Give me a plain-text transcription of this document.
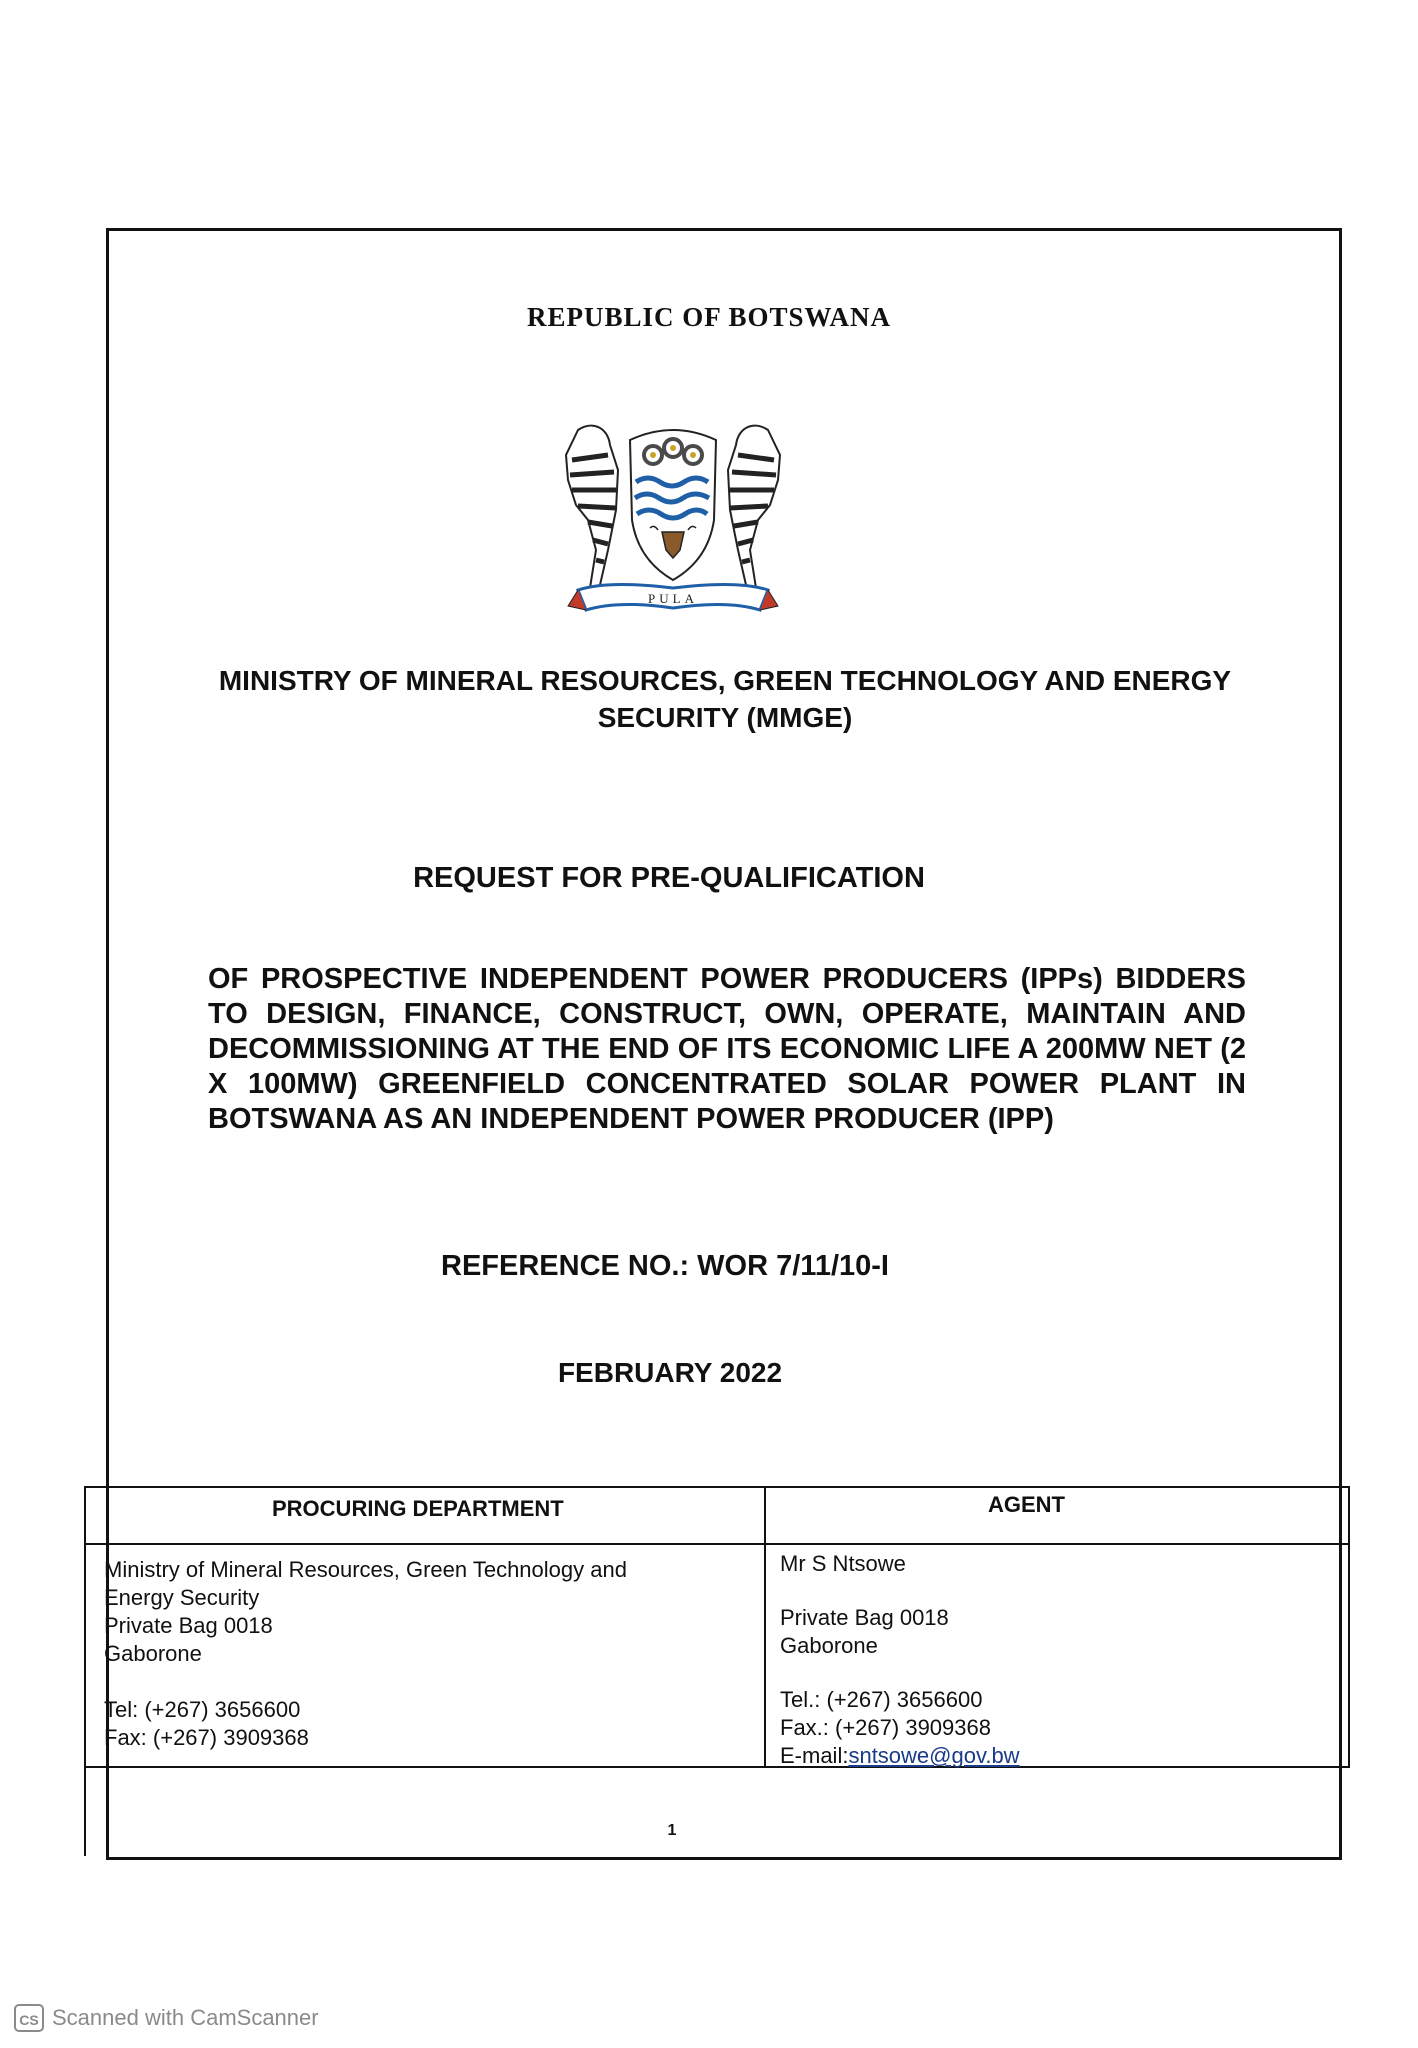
REPUBLIC OF BOTSWANA
PULA
MINISTRY OF MINERAL RESOURCES, GREEN TECHNOLOGY AND ENERGY
SECURITY (MMGE)
REQUEST FOR PRE-QUALIFICATION
OF PROSPECTIVE INDEPENDENT POWER PRODUCERS (IPPs) BIDDERS TO DESIGN, FINANCE, CONSTRUCT, OWN, OPERATE, MAINTAIN AND DECOMMISSIONING AT THE END OF ITS ECONOMIC LIFE A 200MW NET (2 X 100MW) GREENFIELD CONCENTRATED SOLAR POWER PLANT IN BOTSWANA AS AN INDEPENDENT POWER PRODUCER (IPP)
REFERENCE NO.: WOR 7/11/10-I
FEBRUARY 2022
PROCURING DEPARTMENT	AGENT
Ministry of Mineral Resources, Green Technology and
Energy Security
Private Bag 0018
Gaborone
Tel: (+267) 3656600
Fax: (+267) 3909368
Mr S Ntsowe
Private Bag 0018
Gaborone
Tel.: (+267) 3656600
Fax.: (+267) 3909368
E-mail:sntsowe@gov.bw
1
CS Scanned with CamScanner
